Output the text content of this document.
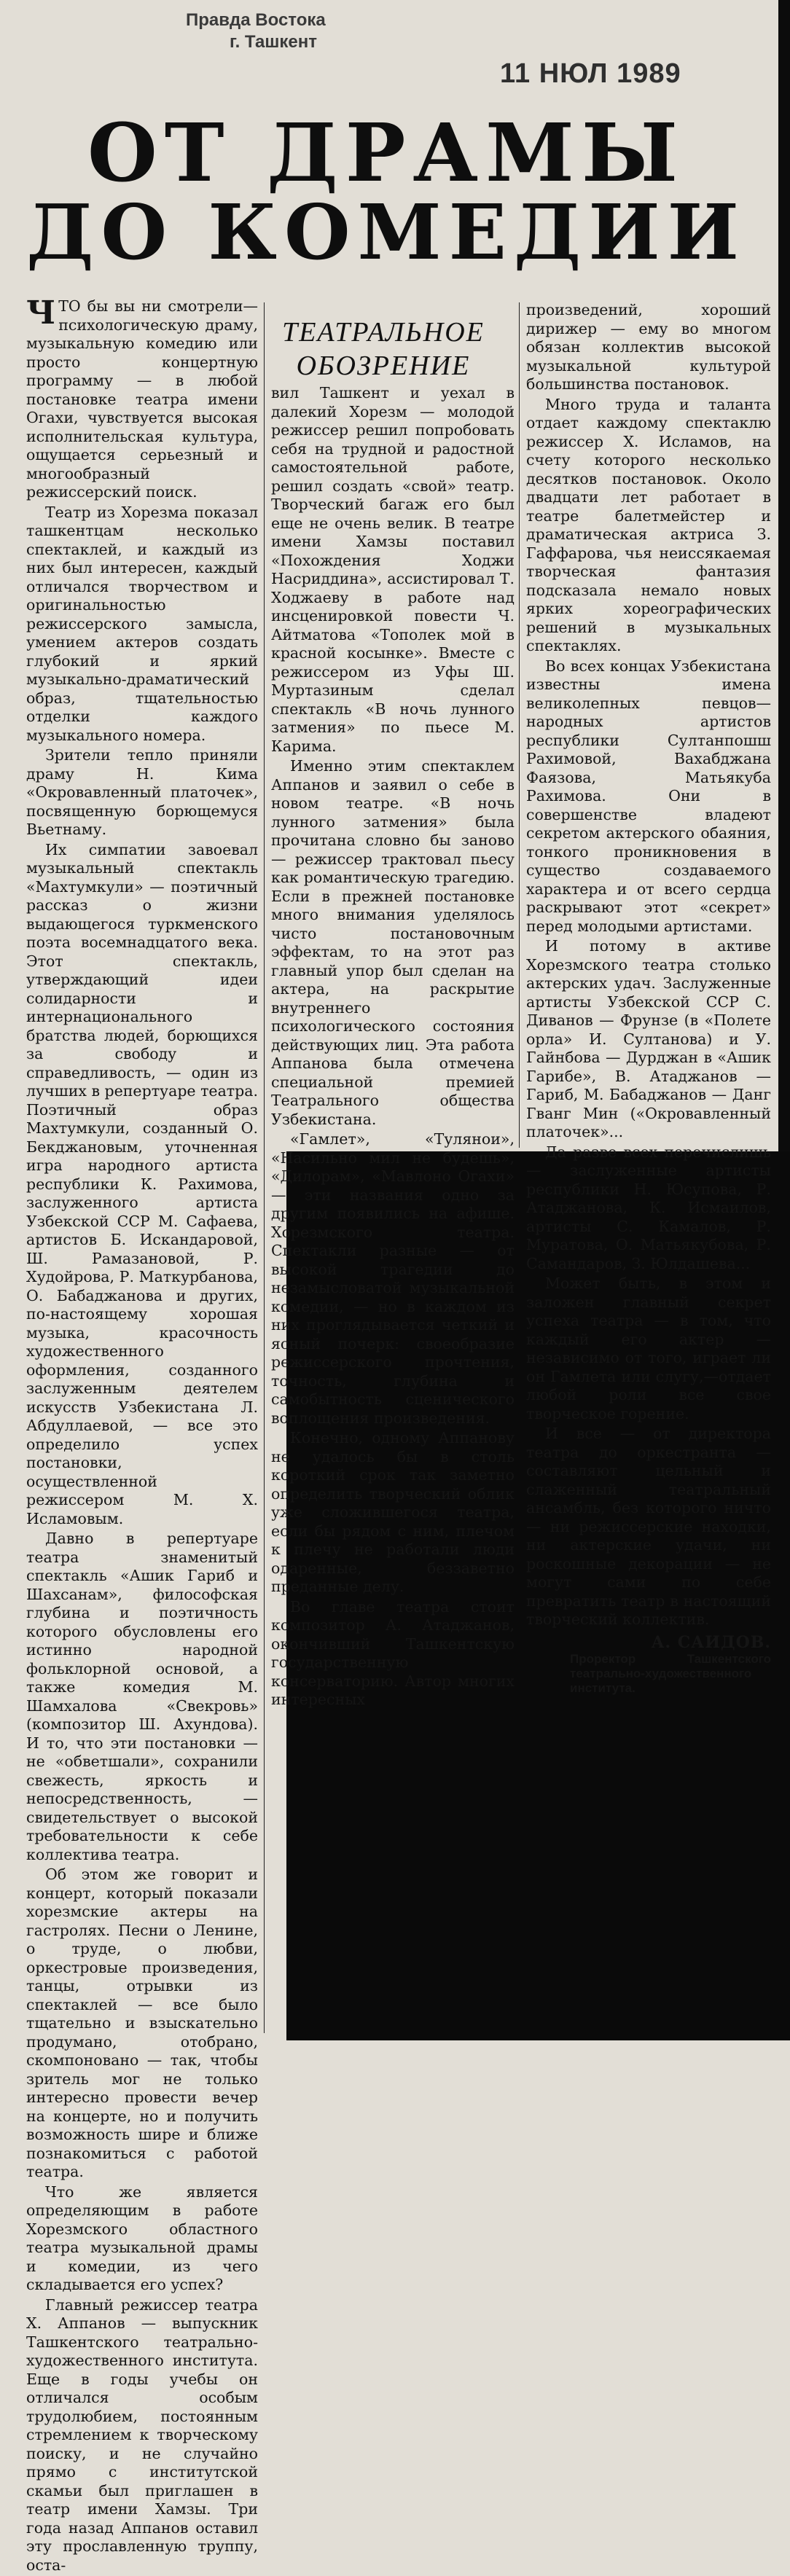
Правда Востока
г. Ташкент
11 НЮЛ 1989
ОТ ДРАМЫ
ДО КОМЕДИИ
ТЕАТРАЛЬНОЕ
ОБОЗРЕНИЕ

ЧТО бы вы ни смотрели— психологическую драму, музыкальную комедию или просто концертную программу — в любой постановке театра имени Огахи, чувствуется высокая исполнительская культура, ощущается серьезный и многообразный режиссерский поиск.

Театр из Хорезма показал ташкентцам несколько спектаклей, и каждый из них был интересен, каждый отличался творчеством и оригинальностью режиссерского замысла, умением актеров создать глубокий и яркий музыкально-драматический образ, тщательностью отделки каждого музыкального номера.

Зрители тепло приняли драму Н. Кима «Окровавленный платочек», посвященную борющемуся Вьетнаму.

Их симпатии завоевал музыкальный спектакль «Махтумкули» — поэтичный рассказ о жизни выдающегося туркменского поэта восемнадцатого века. Этот спектакль, утверждающий идеи солидарности и интернационального братства людей, борющихся за свободу и справедливость, — один из лучших в репертуаре театра. Поэтичный образ Махтумкули, созданный О. Бекджановым, уточненная игра народного артиста республики К. Рахимова, заслуженного артиста Узбекской ССР М. Сафаева, артистов Б. Искандаровой, Ш. Рамазановой, Р. Худойрова, Р. Маткурбанова, О. Бабаджанова и других, по-настоящему хорошая музыка, красочность художественного оформления, созданного заслуженным деятелем искусств Узбекистана Л. Абдуллаевой, — все это определило успех постановки, осуществленной режиссером М. Х. Исламовым.

Давно в репертуаре театра знаменитый спектакль «Ашик Гариб и Шахсанам», философская глубина и поэтичность которого обусловлены его истинно народной фольклорной основой, а также комедия М. Шамхалова «Свекровь» (композитор Ш. Ахундова). И то, что эти постановки — не «обветшали», сохранили свежесть, яркость и непосредственность, — свидетельствует о высокой требовательности к себе коллектива театра.

Об этом же говорит и концерт, который показали хорезмские актеры на гастролях. Песни о Ленине, о труде, о любви, оркестровые произведения, танцы, отрывки из спектаклей — все было тщательно и взыскательно продумано, отобрано, скомпоновано — так, чтобы зритель мог не только интересно провести вечер на концерте, но и получить возможность шире и ближе познакомиться с работой театра.

Что же является определяющим в работе Хорезмского областного театра музыкальной драмы и комедии, из чего складывается его успех?

Главный режиссер театра Х. Аппанов — выпускник Ташкентского театрально-художественного института. Еще в годы учебы он отличался особым трудолюбием, постоянным стремлением к творческому поиску, и не случайно прямо с институтской скамьи был приглашен в театр имени Хамзы. Три года назад Аппанов оставил эту прославленную труппу, оста-

вил Ташкент и уехал в далекий Хорезм — молодой режиссер решил попробовать себя на трудной и радостной самостоятельной работе, решил создать «свой» театр. Творческий багаж его был еще не очень велик. В театре имени Хамзы поставил «Похождения Ходжи Насриддина», ассистировал Т. Ходжаеву в работе над инсценировкой повести Ч. Айтматова «Тополек мой в красной косынке». Вместе с режиссером из Уфы Ш. Муртазиным сделал спектакль «В ночь лунного затмения» по пьесе М. Карима.

Именно этим спектаклем Аппанов и заявил о себе в новом театре. «В ночь лунного затмения» была прочитана словно бы заново — режиссер трактовал пьесу как романтическую трагедию. Если в прежней постановке много внимания уделялось чисто постановочным эффектам, то на этот раз главный упор был сделан на актера, на раскрытие внутреннего психологического состояния действующих лиц. Эта работа Аппанова была отмечена специальной премией Театрального общества Узбекистана.

«Гамлет», «Тулянои», «Насильно мил не будешь», «Дилорам», «Мавлоно Огахи» — эти названия одно за другим появились на афише. Хорезмского театра. Спектакли разные — от высокой трагедии до незамысловатой музыкальной комедии, — но в каждом из них проглядывается четкий и ясный почерк: своеобразие режиссерского прочтения, точность, глубина и самобытность сценического воплощения произведения.

Конечно, одному Аппанову не удалось бы в столь короткий срок так заметно определить творческий облик уже сложившегося театра, если бы рядом с ним, плечом к плечу не работали люди одаренные, беззаветно преданные делу.

Во главе театра стоит композитор А. Атаджанов, окончивший Ташкентскую государственную консерваторию. Автор многих интересных

произведений, хороший дирижер — ему во многом обязан коллектив высокой музыкальной культурой большинства постановок.

Много труда и таланта отдает каждому спектаклю режиссер Х. Исламов, на счету которого несколько десятков постановок. Около двадцати лет работает в театре балетмейстер и драматическая актриса З. Гаффарова, чья неиссякаемая творческая фантазия подсказала немало новых ярких хореографических решений в музыкальных спектаклях.

Во всех концах Узбекистана известны имена великолепных певцов—народных артистов республики Султанпошш Рахимовой, Вахабджана Фаязова, Матьякуба Рахимова. Они в совершенстве владеют секретом актерского обаяния, тонкого проникновения в существо создаваемого характера и от всего сердца раскрывают этот «секрет» перед молодыми артистами.

И потому в активе Хорезмского театра столько актерских удач. Заслуженные артисты Узбекской ССР С. Диванов — Фрунзе (в «Полете орла» И. Султанова) и У. Гайнбова — Дурджан в «Ашик Гарибе», В. Атаджанов — Гариб, М. Бабаджанов — Данг Гванг Мин («Окровавленный платочек»...

Да разве всех перечислишь — заслуженные артисты республики Н. Юсупова, Р. Атаджанова, К. Исмаилов, артисты С. Камалов, Р. Муратова, О. Матьякубова, Р. Самандаров, З. Юлдашева...

Может быть, в этом и заложен главный секрет успеха театра — в том, что каждый его актер — независимо от того, играет ли он Гамлета или слугу,—отдает любой роли все свое творческое горение.

И все — от директора театра до оркестранта — составляют цельный и слаженный театральный ансамбль, без которого ничто — ни режиссерские находки, ни актерские удачи, ни роскошные декорации — не могут сами по себе превратить театр в настоящий творческий коллектив.

А. САИДОВ.
Проректор Ташкентского театрально-художественного института.
